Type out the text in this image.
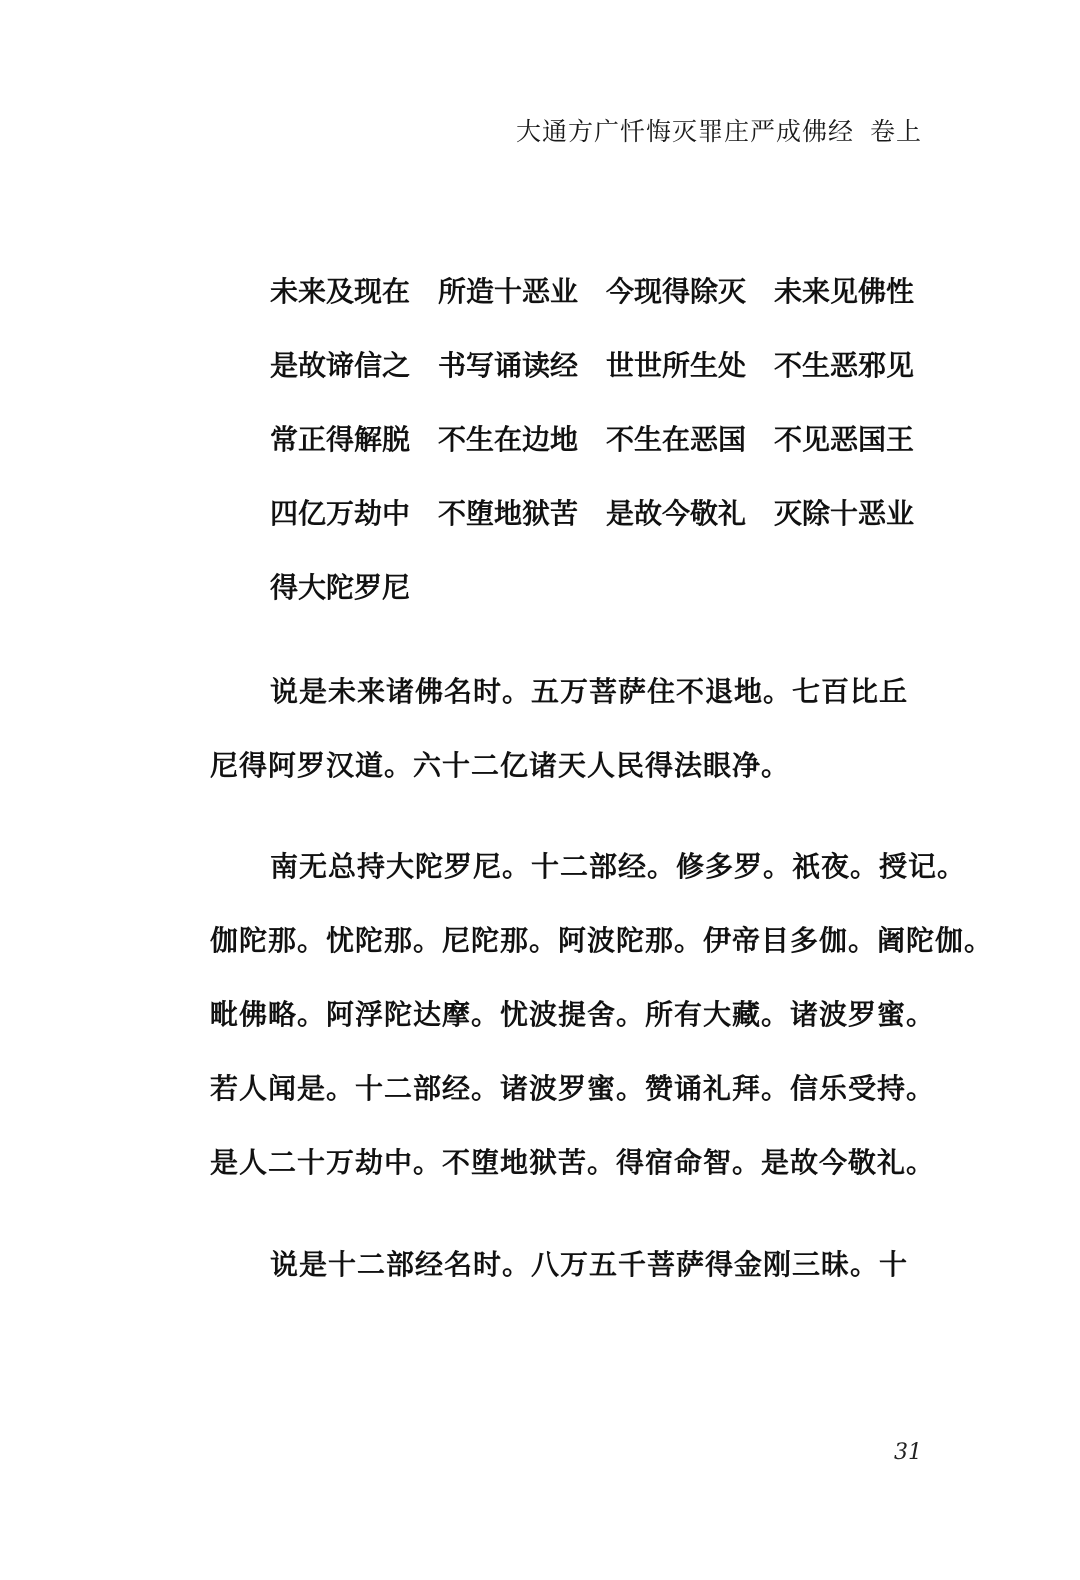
大通方广忏悔灭罪庄严成佛经 卷上
未来及现在 所造十恶业 今现得除灭 未来见佛性
是故谛信之 书写诵读经 世世所生处 不生恶邪见
常正得解脱 不生在边地 不生在恶国 不见恶国王
四亿万劫中 不堕地狱苦 是故今敬礼 灭除十恶业
得大陀罗尼
说是未来诸佛名时。五万菩萨住不退地。七百比丘
尼得阿罗汉道。六十二亿诸天人民得法眼净。
南无总持大陀罗尼。十二部经。修多罗。祇夜。授记。
伽陀那。忧陀那。尼陀那。阿波陀那。伊帝目多伽。阇陀伽。
毗佛略。阿浮陀达摩。忧波提舍。所有大藏。诸波罗蜜。
若人闻是。十二部经。诸波罗蜜。赞诵礼拜。信乐受持。
是人二十万劫中。不堕地狱苦。得宿命智。是故今敬礼。
说是十二部经名时。八万五千菩萨得金刚三昧。十
31
